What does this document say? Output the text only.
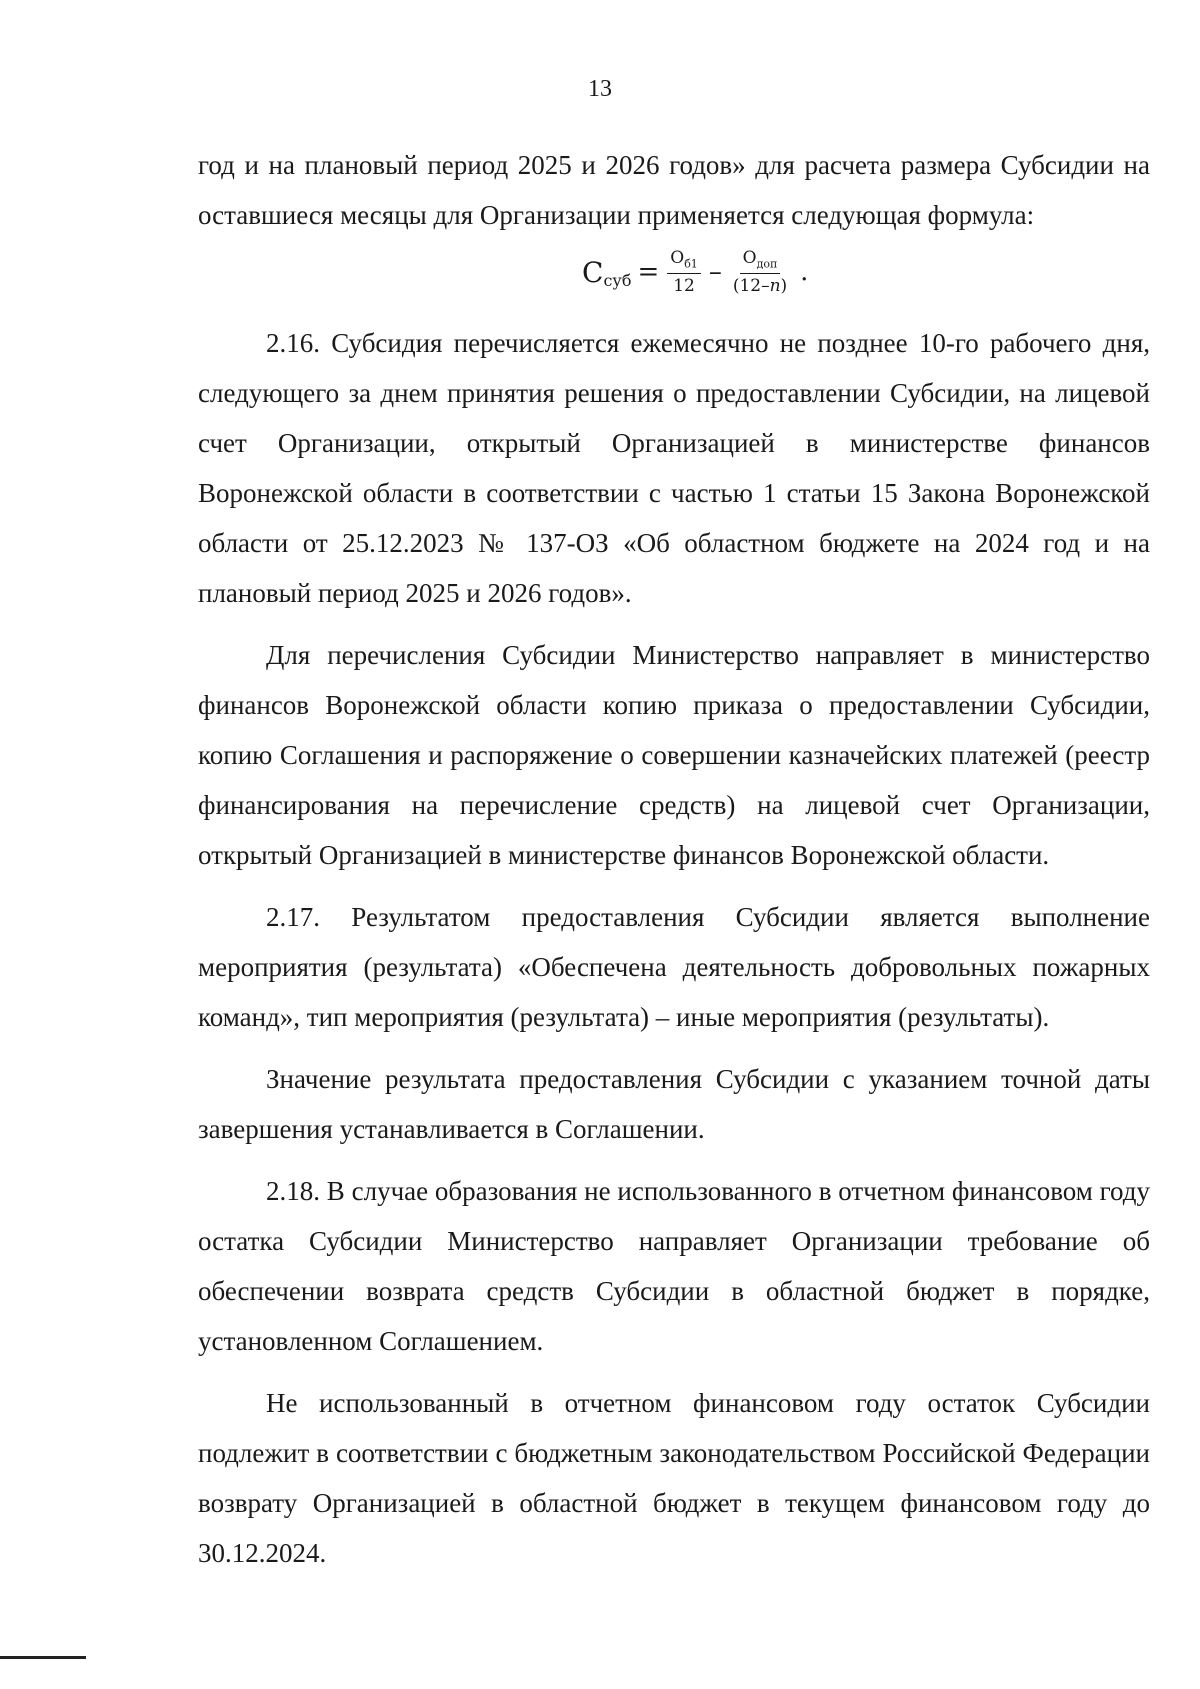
13

год и на плановый период 2025 и 2026 годов» для расчета размера Субсидии на оставшиеся месяцы для Организации применяется следующая формула:

С суб = $\frac{О_{б1}}{12} - \frac{О_{доп}}{(12-n)}$ .

2.16. Субсидия перечисляется ежемесячно не позднее 10-го рабочего дня, следующего за днем принятия решения о предоставлении Субсидии, на лицевой счет Организации, открытый Организацией в министерстве финансов Воронежской области в соответствии с частью 1 статьи 15 Закона Воронежской области от 25.12.2023 № 137-ОЗ «Об областном бюджете на 2024 год и на плановый период 2025 и 2026 годов».

Для перечисления Субсидии Министерство направляет в министерство финансов Воронежской области копию приказа о предоставлении Субсидии, копию Соглашения и распоряжение о совершении казначейских платежей (реестр финансирования на перечисление средств) на лицевой счет Организации, открытый Организацией в министерстве финансов Воронежской области.

2.17. Результатом предоставления Субсидии является выполнение мероприятия (результата) «Обеспечена деятельность добровольных пожарных команд», тип мероприятия (результата) – иные мероприятия (результаты).

Значение результата предоставления Субсидии с указанием точной даты завершения устанавливается в Соглашении.

2.18. В случае образования не использованного в отчетном финансовом году остатка Субсидии Министерство направляет Организации требование об обеспечении возврата средств Субсидии в областной бюджет в порядке, установленном Соглашением.

Не использованный в отчетном финансовом году остаток Субсидии подлежит в соответствии с бюджетным законодательством Российской Федерации возврату Организацией в областной бюджет в текущем финансовом году до 30.12.2024.
